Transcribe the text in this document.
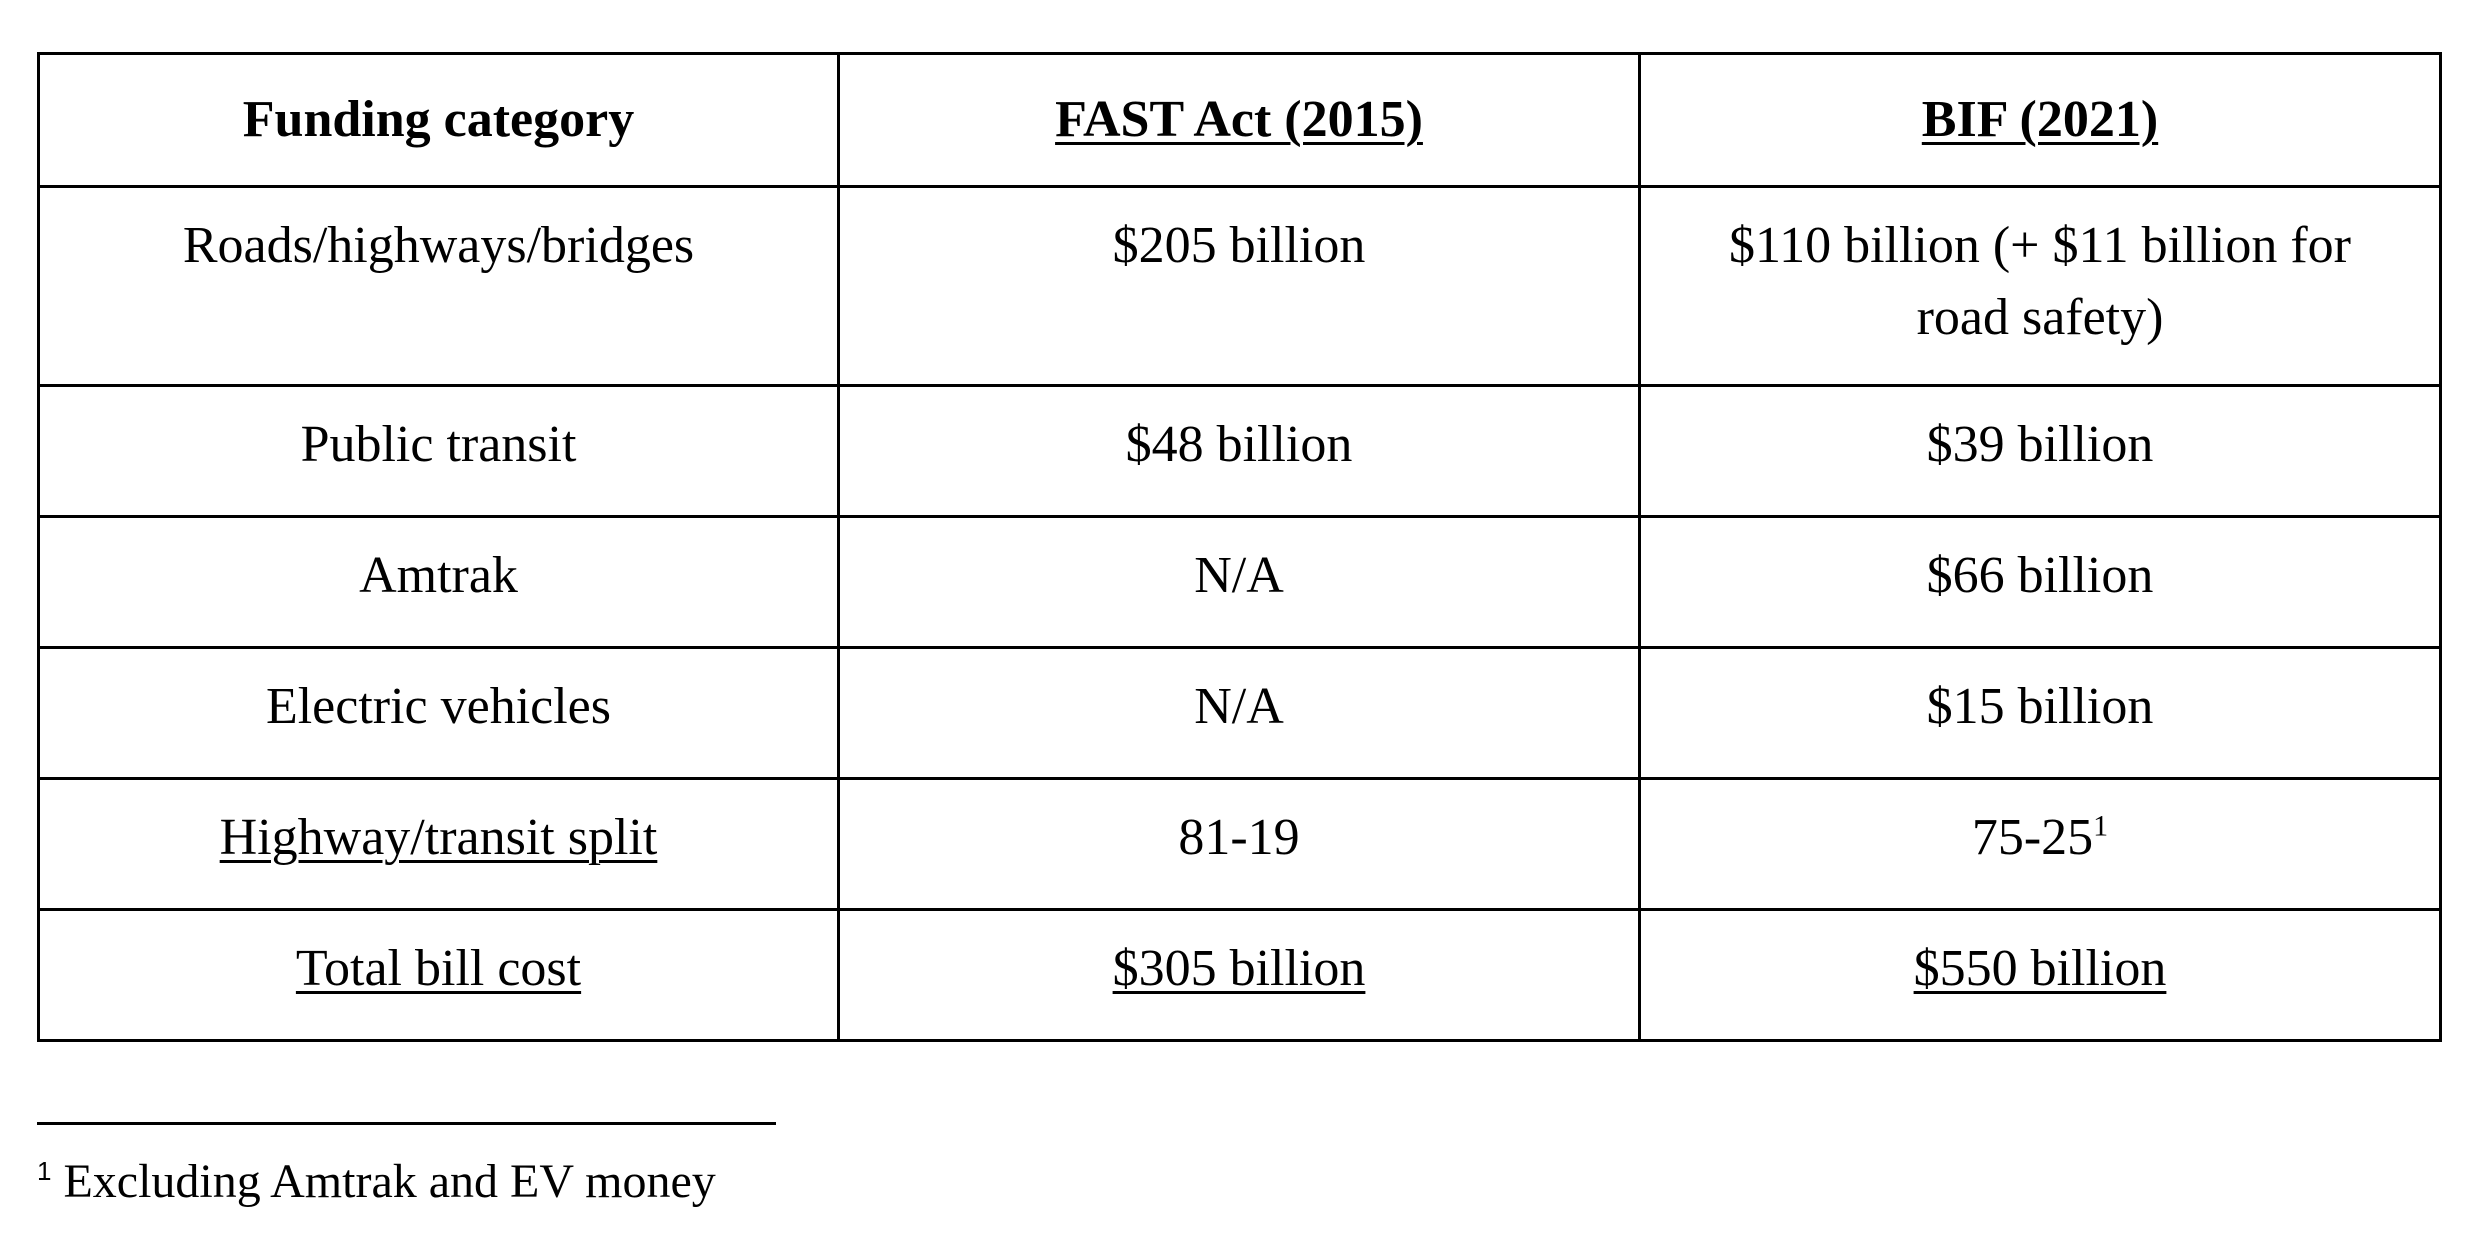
Funding category	FAST Act (2015)	BIF (2021)
Roads/highways/bridges	$205 billion	$110 billion (+ $11 billion for road safety)
Public transit	$48 billion	$39 billion
Amtrak	N/A	$66 billion
Electric vehicles	N/A	$15 billion
Highway/transit split	81-19	$75-25^1$
Total bill cost	$305 billion	$550 billion
$^1$ Excluding Amtrak and EV money
